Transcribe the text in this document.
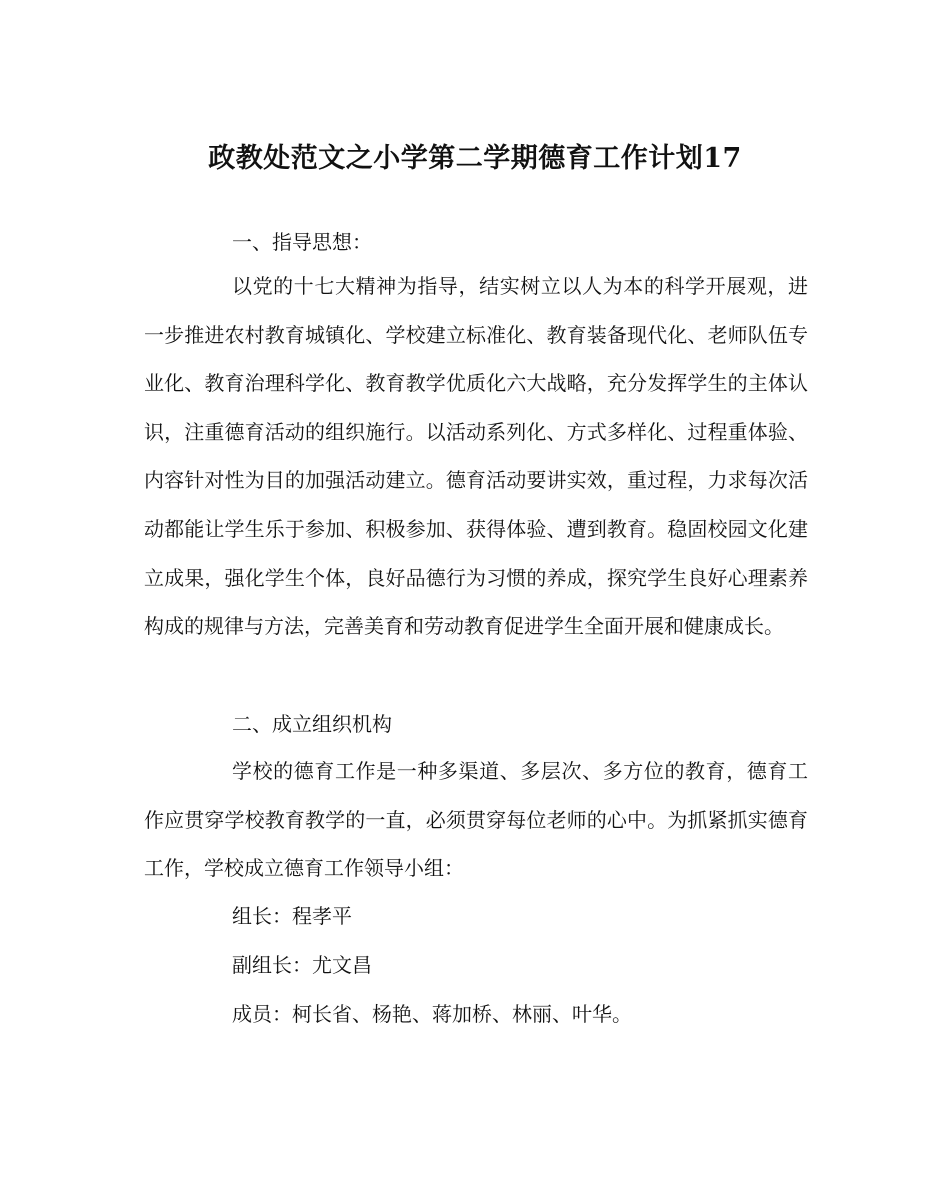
政教处范文之小学第二学期德育工作计划17
一、指导思想：
以党的十七大精神为指导，结实树立以人为本的科学开展观，进一步推进农村教育城镇化、学校建立标准化、教育装备现代化、老师队伍专业化、教育治理科学化、教育教学优质化六大战略，充分发挥学生的主体认识，注重德育活动的组织施行。以活动系列化、方式多样化、过程重体验、内容针对性为目的加强活动建立。德育活动要讲实效，重过程，力求每次活动都能让学生乐于参加、积极参加、获得体验、遭到教育。稳固校园文化建立成果，强化学生个体，良好品德行为习惯的养成，探究学生良好心理素养构成的规律与方法，完善美育和劳动教育促进学生全面开展和健康成长。
二、成立组织机构
学校的德育工作是一种多渠道、多层次、多方位的教育，德育工作应贯穿学校教育教学的一直，必须贯穿每位老师的心中。为抓紧抓实德育工作，学校成立德育工作领导小组：
组长：程孝平
副组长：尤文昌
成员：柯长省、杨艳、蒋加桥、林丽、叶华。
